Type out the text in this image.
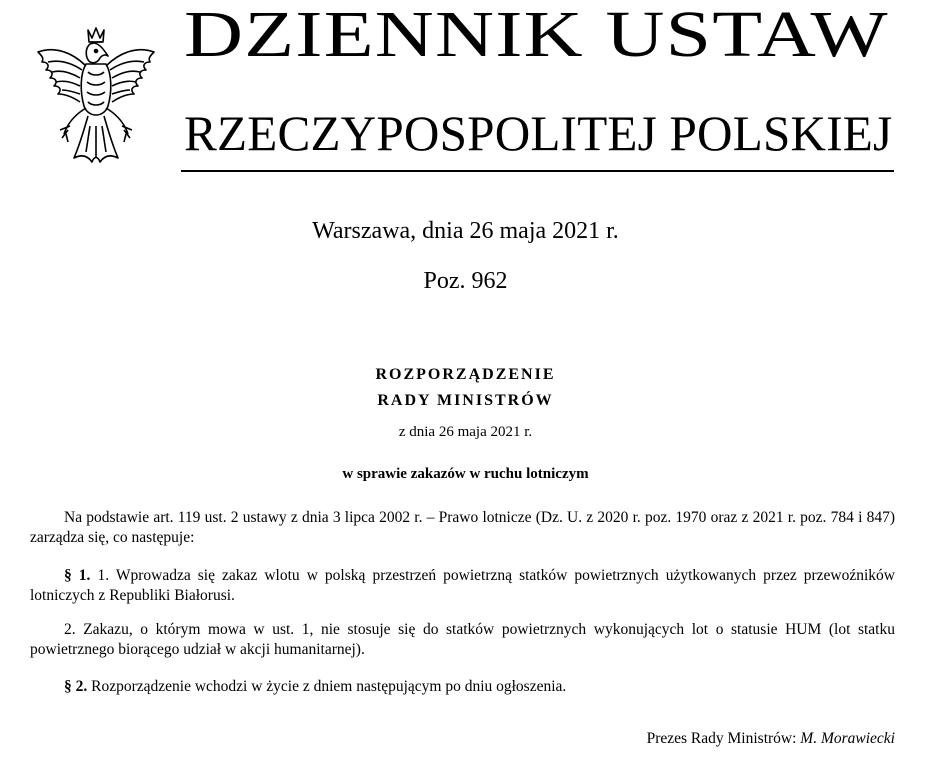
DZIENNIK USTAW
RZECZYPOSPOLITEJ POLSKIEJ
Warszawa, dnia 26 maja 2021 r.
Poz. 962
ROZPORZĄDZENIE
RADY MINISTRÓW
z dnia 26 maja 2021 r.
w sprawie zakazów w ruchu lotniczym
Na podstawie art. 119 ust. 2 ustawy z dnia 3 lipca 2002 r. – Prawo lotnicze (Dz. U. z 2020 r. poz. 1970 oraz z 2021 r. poz. 784 i 847) zarządza się, co następuje:
§ 1. 1. Wprowadza się zakaz wlotu w polską przestrzeń powietrzną statków powietrznych użytkowanych przez przewoźników lotniczych z Republiki Białorusi.
2. Zakazu, o którym mowa w ust. 1, nie stosuje się do statków powietrznych wykonujących lot o statusie HUM (lot statku powietrznego biorącego udział w akcji humanitarnej).
§ 2. Rozporządzenie wchodzi w życie z dniem następującym po dniu ogłoszenia.
Prezes Rady Ministrów: M. Morawiecki
